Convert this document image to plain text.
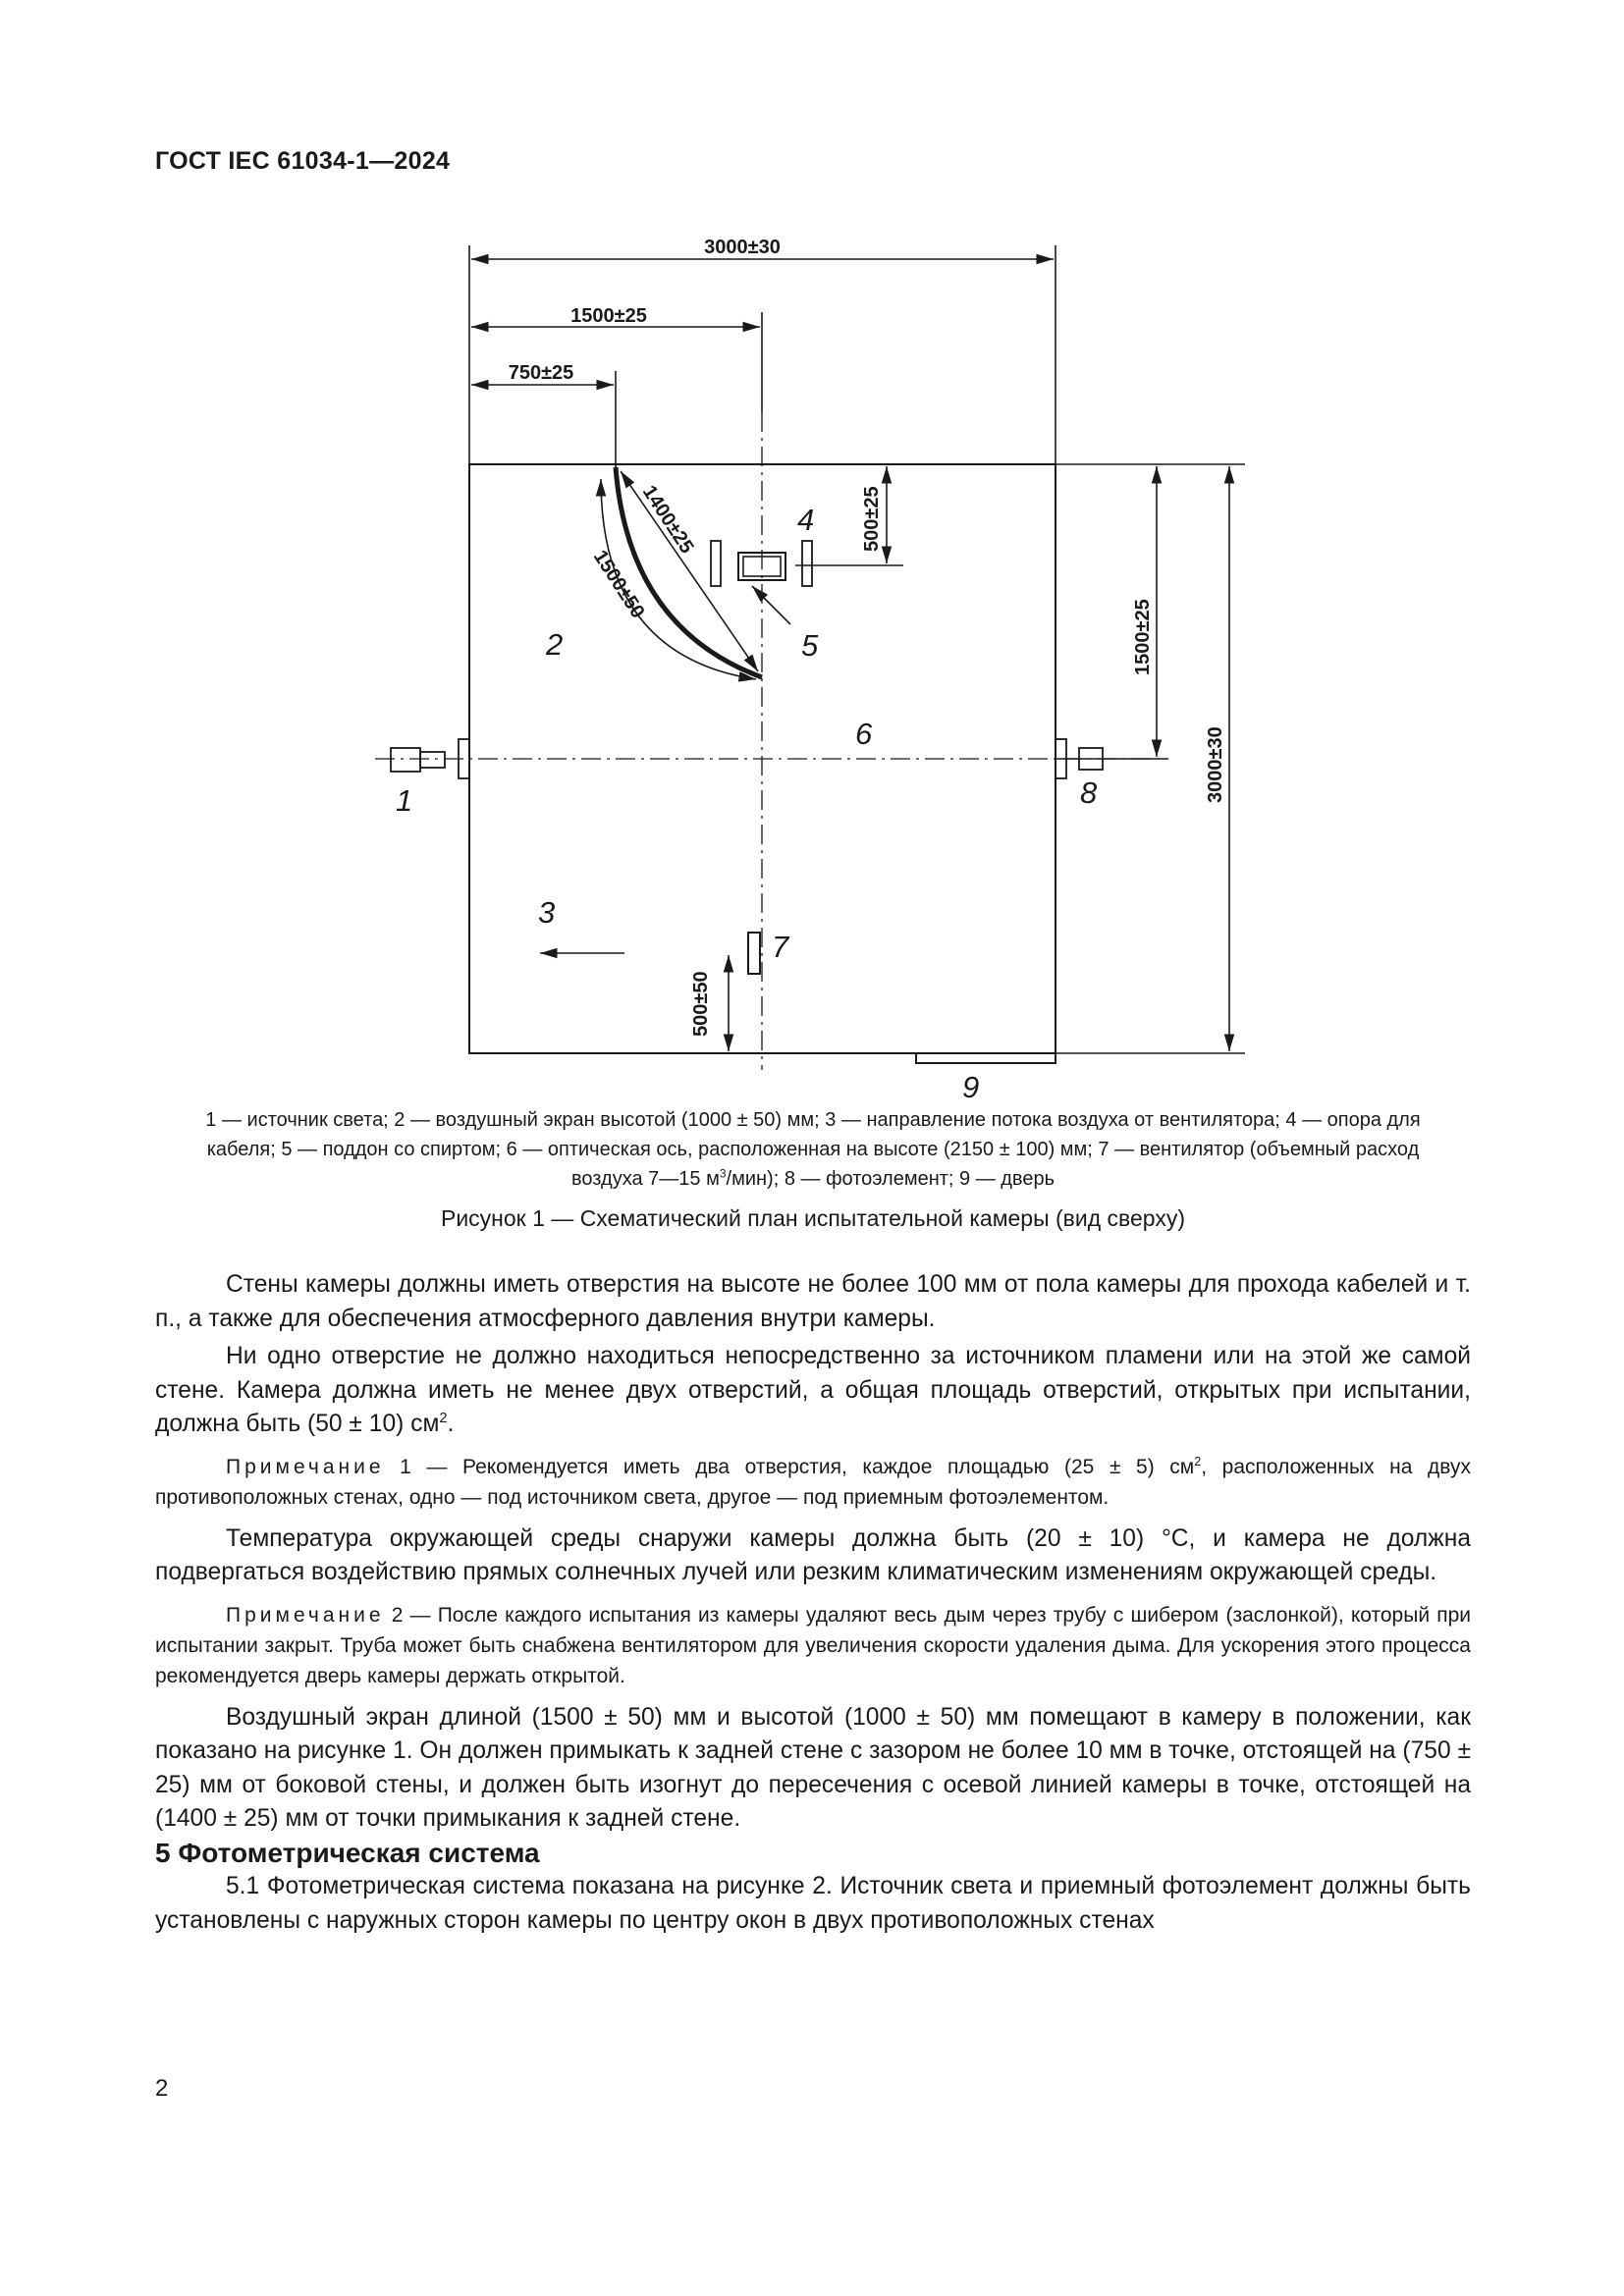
ГОСТ IEC 61034-1—2024
3000±30
1500±25
750±25
1400±25
1500±50
500±25
1500±25
3000±30
500±50
1
2
3
4
5
6
7
8
9

1 — источник света; 2 — воздушный экран высотой (1000 ± 50) мм; 3 — направление потока воздуха от вентилятора; 4 — опора для

кабеля; 5 — поддон со спиртом; 6 — оптическая ось, расположенная на высоте (2150 ± 100) мм; 7 — вентилятор (объемный расход

воздуха 7—15 $м^3/мин$); 8 — фотоэлемент; 9 — дверь

Рисунок 1 — Схематический план испытательной камеры (вид сверху)

Стены камеры должны иметь отверстия на высоте не более 100 мм от пола камеры для прохода кабелей и т. п., а также для обеспечения атмосферного давления внутри камеры.

Ни одно отверстие не должно находиться непосредственно за источником пламени или на этой же самой стене. Камера должна иметь не менее двух отверстий, а общая площадь отверстий, открытых при испытании, должна быть (50 ± 10) $см^2$.

Примечание 1 — Рекомендуется иметь два отверстия, каждое площадью (25 ± 5) $см^2$, расположенных на двух противоположных стенах, одно — под источником света, другое — под приемным фотоэлементом.

Температура окружающей среды снаружи камеры должна быть (20 ± 10) °С, и камера не должна подвергаться воздействию прямых солнечных лучей или резким климатическим изменениям окружающей среды.

Примечание 2 — После каждого испытания из камеры удаляют весь дым через трубу с шибером (заслонкой), который при испытании закрыт. Труба может быть снабжена вентилятором для увеличения скорости удаления дыма. Для ускорения этого процесса рекомендуется дверь камеры держать открытой.

Воздушный экран длиной (1500 ± 50) мм и высотой (1000 ± 50) мм помещают в камеру в положении, как показано на рисунке 1. Он должен примыкать к задней стене с зазором не более 10 мм в точке, отстоящей на (750 ± 25) мм от боковой стены, и должен быть изогнут до пересечения с осевой линией камеры в точке, отстоящей на (1400 ± 25) мм от точки примыкания к задней стене.

5 Фотометрическая система

5.1 Фотометрическая система показана на рисунке 2. Источник света и приемный фотоэлемент должны быть установлены с наружных сторон камеры по центру окон в двух противоположных стенах

2
